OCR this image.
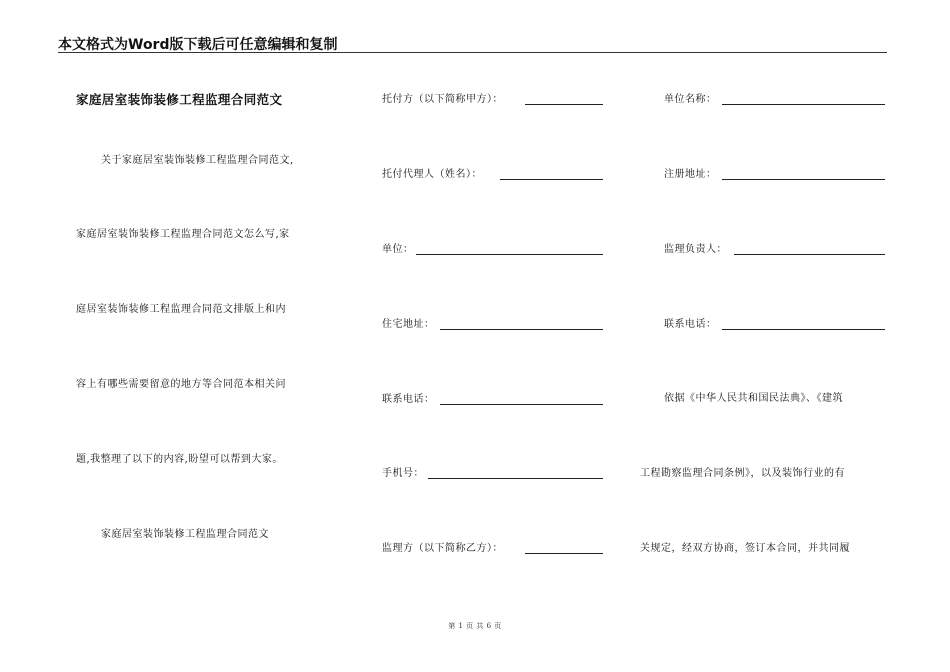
本文格式为Word版下载后可任意编辑和复制
家庭居室装饰装修工程监理合同范文
关于家庭居室装饰装修工程监理合同范文,
家庭居室装饰装修工程监理合同范文怎么写,家
庭居室装饰装修工程监理合同范文排版上和内
容上有哪些需要留意的地方等合同范本相关问
题,我整理了以下的内容,盼望可以帮到大家。
家庭居室装饰装修工程监理合同范文
托付方（以下简称甲方）：
托付代理人（姓名）：
单位：
住宅地址：
联系电话：
手机号：
监理方（以下简称乙方）：
单位名称：
注册地址：
监理负责人：
联系电话：
依据《中华人民共和国民法典》、《建筑
工程勘察监理合同条例》，以及装饰行业的有
关规定，经双方协商，签订本合同，并共同履
第 1 页 共 6 页
